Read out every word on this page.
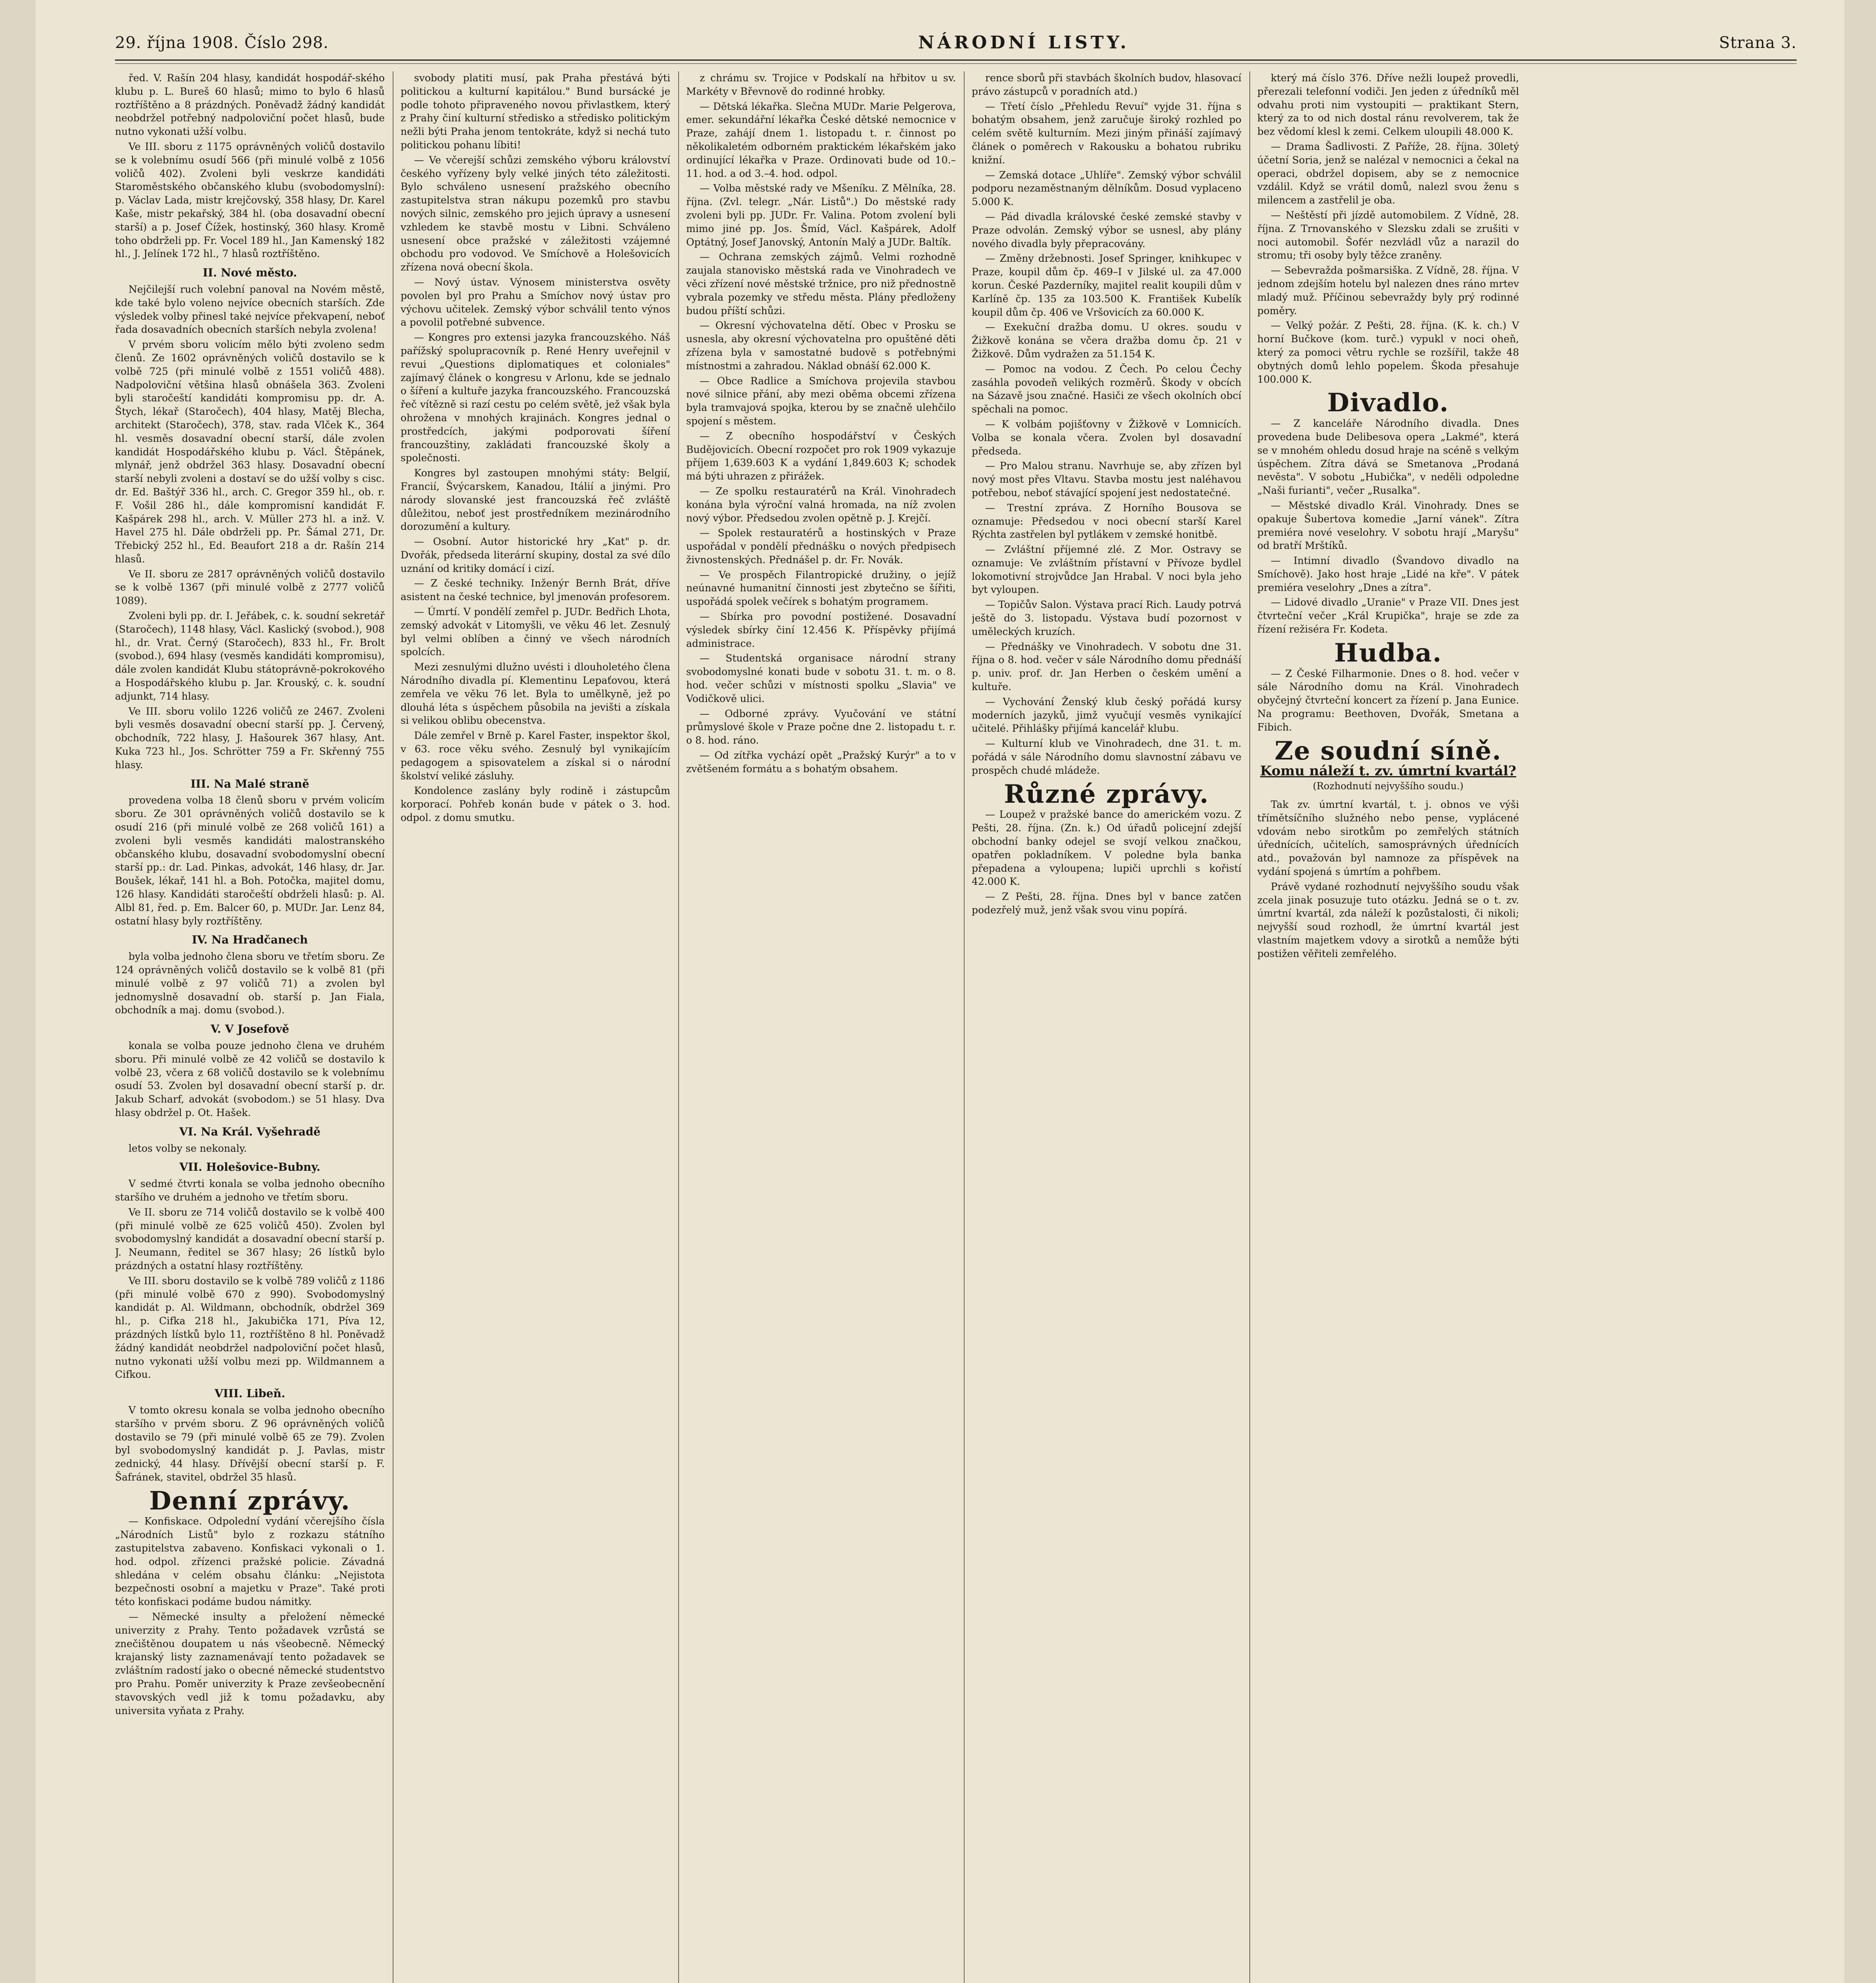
29. října 1908. Číslo 298.	NÁRODNÍ LISTY.	Strana 3.

řed. V. Rašín 204 hlasy, kandidát hospodář-ského klubu p. L. Bureš 60 hlasů; mimo to bylo 6 hlasů roztříštěno a 8 prázdných. Poněvadž žádný kandidát neobdržel potřebný nadpoloviční počet hlasů, bude nutno vykonati užší volbu.

Ve III. sboru z 1175 oprávněných voličů dostavilo se k volebnímu osudí 566 (při minulé volbě z 1056 voličů 402). Zvoleni byli veskrze kandidáti Staroměstského občanského klubu (svobodomyslní): p. Václav Lada, mistr krejčovský, 358 hlasy, Dr. Karel Kaše, mistr pekařský, 384 hl. (oba dosavadní obecní starší) a p. Josef Čížek, hostinský, 360 hlasy. Kromě toho obdrželi pp. Fr. Vocel 189 hl., Jan Kamenský 182 hl., J. Jelínek 172 hl., 7 hlasů roztříštěno.

II. Nové město.

Nejčilejší ruch volební panoval na Novém městě, kde také bylo voleno nejvíce obecních starších. Zde výsledek volby přinesl také nejvíce překvapení, neboť řada dosavadních obecních starších nebyla zvolena!

V prvém sboru volicím mělo býti zvoleno sedm členů. Ze 1602 oprávněných voličů dostavilo se k volbě 725 (při minulé volbě z 1551 voličů 488). Nadpoloviční většina hlasů obnášela 363. Zvoleni byli staročeští kandidáti kompromisu pp. dr. A. Štych, lékař (Staročech), 404 hlasy, Matěj Blecha, architekt (Staročech), 378, stav. rada Vlček K., 364 hl. vesměs dosavadní obecní starší, dále zvolen kandidát Hospodářského klubu p. Václ. Štěpánek, mlynář, jenž obdržel 363 hlasy. Dosavadní obecní starší nebyli zvoleni a dostaví se do užší volby s cisc. dr. Ed. Baštýř 336 hl., arch. C. Gregor 359 hl., ob. r. F. Vošil 286 hl., dále kompromisní kandidát F. Kašpárek 298 hl., arch. V. Müller 273 hl. a inž. V. Havel 275 hl. Dále obdrželi pp. Pr. Šámal 271, Dr. Třebický 252 hl., Ed. Beaufort 218 a dr. Rašín 214 hlasů.

Ve II. sboru ze 2817 oprávněných voličů dostavilo se k volbě 1367 (při minulé volbě z 2777 voličů 1089).

Zvoleni byli pp. dr. I. Jeřábek, c. k. soudní sekretář (Staročech), 1148 hlasy, Václ. Kaslický (svobod.), 908 hl., dr. Vrat. Černý (Staročech), 833 hl., Fr. Brolt (svobod.), 694 hlasy (vesměs kandidáti kompromisu), dále zvolen kandidát Klubu státoprávně-pokrokového a Hospodářského klubu p. Jar. Krouský, c. k. soudní adjunkt, 714 hlasy.

Ve III. sboru volilo 1226 voličů ze 2467. Zvoleni byli vesměs dosavadní obecní starší pp. J. Červený, obchodník, 722 hlasy, J. Hašourek 367 hlasy, Ant. Kuka 723 hl., Jos. Schrötter 759 a Fr. Skřenný 755 hlasy.

III. Na Malé straně

provedena volba 18 členů sboru v prvém volicím sboru. Ze 301 oprávněných voličů dostavilo se k osudí 216 (při minulé volbě ze 268 voličů 161) a zvoleni byli vesměs kandidáti malostranského občanského klubu, dosavadní svobodomyslní obecní starší pp.: dr. Lad. Pinkas, advokát, 146 hlasy, dr. Jar. Boušek, lékař, 141 hl. a Boh. Potočka, majitel domu, 126 hlasy. Kandidáti staročeští obdrželi hlasů: p. Al. Albl 81, řed. p. Em. Balcer 60, p. MUDr. Jar. Lenz 84, ostatní hlasy byly roztříštěny.

IV. Na Hradčanech

byla volba jednoho člena sboru ve třetím sboru. Ze 124 oprávněných voličů dostavilo se k volbě 81 (při minulé volbě z 97 voličů 71) a zvolen byl jednomyslně dosavadní ob. starší p. Jan Fiala, obchodník a maj. domu (svobod.).

V. V Josefově

konala se volba pouze jednoho člena ve druhém sboru. Při minulé volbě ze 42 voličů se dostavilo k volbě 23, včera z 68 voličů dostavilo se k volebnímu osudí 53. Zvolen byl dosavadní obecní starší p. dr. Jakub Scharf, advokát (svobodom.) se 51 hlasy. Dva hlasy obdržel p. Ot. Hašek.

VI. Na Král. Vyšehradě

letos volby se nekonaly.

VII. Holešovice-Bubny.

V sedmé čtvrti konala se volba jednoho obecního staršího ve druhém a jednoho ve třetím sboru.

Ve II. sboru ze 714 voličů dostavilo se k volbě 400 (při minulé volbě ze 625 voličů 450). Zvolen byl svobodomyslný kandidát a dosavadní obecní starší p. J. Neumann, ředitel se 367 hlasy; 26 lístků bylo prázdných a ostatní hlasy roztříštěny.

Ve III. sboru dostavilo se k volbě 789 voličů z 1186 (při minulé volbě 670 z 990). Svobodomyslný kandidát p. Al. Wildmann, obchodník, obdržel 369 hl., p. Cifka 218 hl., Jakubička 171, Píva 12, prázdných lístků bylo 11, roztříštěno 8 hl. Poněvadž žádný kandidát neobdržel nadpoloviční počet hlasů, nutno vykonati užší volbu mezi pp. Wildmannem a Cifkou.

VIII. Libeň.

V tomto okresu konala se volba jednoho obecního staršího v prvém sboru. Z 96 oprávněných voličů dostavilo se 79 (při minulé volbě 65 ze 79). Zvolen byl svobodomyslný kandidát p. J. Pavlas, mistr zednický, 44 hlasy. Dřívější obecní starší p. F. Šafránek, stavitel, obdržel 35 hlasů.

Denní zprávy.

— Konfiskace. Odpolední vydání včerejšího čísla „Národních Listů" bylo z rozkazu státního zastupitelstva zabaveno. Konfiskaci vykonali o 1. hod. odpol. zřízenci pražské policie. Závadná shledána v celém obsahu článku: „Nejistota bezpečnosti osobní a majetku v Praze". Také proti této konfiskaci podáme budou námitky.

— Německé insulty a přeložení německé univerzity z Prahy. Tento požadavek vzrůstá se znečištěnou doupatem u nás všeobecně. Německý krajanský listy zaznamenávají tento požadavek se zvláštním radostí jako o obecné německé studentstvo pro Prahu. Poměr univerzity k Praze zevšeobecnění stavovských vedl již k tomu požadavku, aby universita vyňata z Prahy.

svobody platiti musí, pak Praha přestává býti politickou a kulturní kapitálou." Bund bursácké je podle tohoto připraveného novou přivlastkem, který z Prahy činí kulturní středisko a středisko politickým nežli býti Praha jenom tentokráte, když si nechá tuto politickou pohanu líbiti!

— Ve včerejší schůzi zemského výboru království českého vyřízeny byly velké jiných této záležitosti. Bylo schváleno usnesení pražského obecního zastupitelstva stran nákupu pozemků pro stavbu nových silnic, zemského pro jejich úpravy a usnesení vzhledem ke stavbě mostu v Libni. Schváleno usnesení obce pražské v záležitosti vzájemné obchodu pro vodovod. Ve Smíchově a Holešovicích zřízena nová obecní škola.

— Nový ústav. Výnosem ministerstva osvěty povolen byl pro Prahu a Smíchov nový ústav pro výchovu učitelek. Zemský výbor schválil tento výnos a povolil potřebné subvence.

— Kongres pro extensi jazyka francouzského. Náš pařížský spolupracovník p. René Henry uveřejnil v revui „Questions diplomatiques et coloniales" zajímavý článek o kongresu v Arlonu, kde se jednalo o šíření a kultuře jazyka francouzského. Francouzská řeč vítězně si razí cestu po celém světě, jež však byla ohrožena v mnohých krajinách. Kongres jednal o prostředcích, jakými podporovati šíření francouzštiny, zakládati francouzské školy a společnosti.

Kongres byl zastoupen mnohými státy: Belgií, Francií, Švýcarskem, Kanadou, Itálií a jinými. Pro národy slovanské jest francouzská řeč zvláště důležitou, neboť jest prostředníkem mezinárodního dorozumění a kultury.

— Osobní. Autor historické hry „Kat" p. dr. Dvořák, předseda literární skupiny, dostal za své dílo uznání od kritiky domácí i cizí.

— Z české techniky. Inženýr Bernh Brát, dříve asistent na české technice, byl jmenován profesorem.

— Úmrtí. V pondělí zemřel p. JUDr. Bedřich Lhota, zemský advokát v Litomyšli, ve věku 46 let. Zesnulý byl velmi oblíben a činný ve všech národních spolcích.

Mezi zesnulými dlužno uvésti i dlouholetého člena Národního divadla pí. Klementinu Lepaťovou, která zemřela ve věku 76 let. Byla to umělkyně, jež po dlouhá léta s úspěchem působila na jevišti a získala si velikou oblibu obecenstva.

Dále zemřel v Brně p. Karel Faster, inspektor škol, v 63. roce věku svého. Zesnulý byl vynikajícím pedagogem a spisovatelem a získal si o národní školství veliké zásluhy.

Kondolence zaslány byly rodině i zástupcům korporací. Pohřeb konán bude v pátek o 3. hod. odpol. z domu smutku.

z chrámu sv. Trojice v Podskalí na hřbitov u sv. Markéty v Břevnově do rodinné hrobky.

— Dětská lékařka. Slečna MUDr. Marie Pelgerova, emer. sekundářní lékařka České dětské nemocnice v Praze, zahájí dnem 1. listopadu t. r. činnost po několikaletém odborném praktickém lékařském jako ordinující lékařka v Praze. Ordinovati bude od 10.–11. hod. a od 3.–4. hod. odpol.

— Volba městské rady ve Mšeníku. Z Mělníka, 28. října. (Zvl. telegr. „Nár. Listů".) Do městské rady zvoleni byli pp. JUDr. Fr. Valina. Potom zvolení byli mimo jiné pp. Jos. Šmíd, Václ. Kašpárek, Adolf Optátný, Josef Janovský, Antonín Malý a JUDr. Baltík.

— Ochrana zemských zájmů. Velmi rozhodně zaujala stanovisko městská rada ve Vinohradech ve věci zřízení nové městské tržnice, pro niž přednostně vybrala pozemky ve středu města. Plány předloženy budou příští schůzi.

— Okresní výchovatelna dětí. Obec v Prosku se usnesla, aby okresní výchovatelna pro opuštěné děti zřízena byla v samostatné budově s potřebnými místnostmi a zahradou. Náklad obnáší 62.000 K.

— Obce Radlice a Smíchova projevila stavbou nové silnice přání, aby mezi oběma obcemi zřízena byla tramvajová spojka, kterou by se značně ulehčilo spojení s městem.

— Z obecního hospodářství v Českých Budějovicích. Obecní rozpočet pro rok 1909 vykazuje příjem 1,639.603 K a vydání 1,849.603 K; schodek má býti uhrazen z přirážek.

— Ze spolku restauratérů na Král. Vinohradech konána byla výroční valná hromada, na níž zvolen nový výbor. Předsedou zvolen opětně p. J. Krejčí.

— Spolek restauratérů a hostinských v Praze uspořádal v pondělí přednášku o nových předpisech živnostenských. Přednášel p. dr. Fr. Novák.

— Ve prospěch Filantropické družiny, o jejíž neúnavné humanitní činnosti jest zbytečno se šířiti, uspořádá spolek večírek s bohatým programem.

— Sbírka pro povodní postižené. Dosavadní výsledek sbírky činí 12.456 K. Příspěvky přijímá administrace.

— Studentská organisace národní strany svobodomyslné konati bude v sobotu 31. t. m. o 8. hod. večer schůzi v místnosti spolku „Slavia" ve Vodičkově ulici.

— Odborné zprávy. Vyučování ve státní průmyslové škole v Praze počne dne 2. listopadu t. r. o 8. hod. ráno.

— Od zítřka vychází opět „Pražský Kurýr" a to v zvětšeném formátu a s bohatým obsahem.

rence sborů při stavbách školních budov, hlasovací právo zástupců v poradních atd.)

— Třetí číslo „Přehledu Revuí" vyjde 31. října s bohatým obsahem, jenž zaručuje široký rozhled po celém světě kulturním. Mezi jiným přináší zajímavý článek o poměrech v Rakousku a bohatou rubriku knižní.

— Zemská dotace „Uhlíře". Zemský výbor schválil podporu nezaměstnaným dělníkům. Dosud vyplaceno 5.000 K.

— Pád divadla královské české zemské stavby v Praze odvolán. Zemský výbor se usnesl, aby plány nového divadla byly přepracovány.

— Změny držebnosti. Josef Springer, knihkupec v Praze, koupil dům čp. 469–I v Jilské ul. za 47.000 korun. České Pazderníky, majitel realit koupili dům v Karlíně čp. 135 za 103.500 K. František Kubelík koupil dům čp. 406 ve Vršovicích za 60.000 K.

— Exekuční dražba domu. U okres. soudu v Žižkově konána se včera dražba domu čp. 21 v Žižkově. Dům vydražen za 51.154 K.

— Pomoc na vodou. Z Čech. Po celou Čechy zasáhla povodeň velikých rozměrů. Škody v obcích na Sázavě jsou značné. Hasiči ze všech okolních obcí spěchali na pomoc.

— K volbám pojišťovny v Žižkově v Lomnicích. Volba se konala včera. Zvolen byl dosavadní předseda.

— Pro Malou stranu. Navrhuje se, aby zřízen byl nový most přes Vltavu. Stavba mostu jest naléhavou potřebou, neboť stávající spojení jest nedostatečné.

— Trestní zpráva. Z Horního Bousova se oznamuje: Předsedou v noci obecní starší Karel Rýchta zastřelen byl pytlákem v zemské honitbě.

— Zvláštní příjemné zlé. Z Mor. Ostravy se oznamuje: Ve zvláštním přístavní v Přívoze bydlel lokomotivní strojvůdce Jan Hrabal. V noci byla jeho byt vyloupen.

— Topičův Salon. Výstava prací Rich. Laudy potrvá ještě do 3. listopadu. Výstava budí pozornost v uměleckých kruzích.

— Přednášky ve Vinohradech. V sobotu dne 31. října o 8. hod. večer v sále Národního domu přednáší p. univ. prof. dr. Jan Herben o českém umění a kultuře.

— Vychování Ženský klub český pořádá kursy moderních jazyků, jimž vyučují vesměs vynikající učitelé. Přihlášky přijímá kancelář klubu.

— Kulturní klub ve Vinohradech, dne 31. t. m. pořádá v sále Národního domu slavnostní zábavu ve prospěch chudé mládeže.

Různé zprávy.

— Loupež v pražské bance do americkém vozu. Z Pešti, 28. října. (Zn. k.) Od úřadů policejní zdejší obchodní banky odejel se svojí velkou značkou, opatřen pokladníkem. V poledne byla banka přepadena a vyloupena; lupiči uprchli s kořistí 42.000 K.

— Z Pešti, 28. října. Dnes byl v bance zatčen podezřelý muž, jenž však svou vinu popírá.

který má číslo 376. Dříve nežli loupež provedli, přerezali telefonní vodiči. Jen jeden z úředníků měl odvahu proti nim vystoupiti — praktikant Stern, který za to od nich dostal ránu revolverem, tak že bez vědomí klesl k zemi. Celkem uloupili 48.000 K.

— Drama Šadlivosti. Z Paříže, 28. října. 30letý účetní Soria, jenž se nalézal v nemocnici a čekal na operaci, obdržel dopisem, aby se z nemocnice vzdálil. Když se vrátil domů, nalezl svou ženu s milencem a zastřelil je oba.

— Neštěstí při jízdě automobilem. Z Vídně, 28. října. Z Trnovanského v Slezsku zdali se zrušiti v noci automobil. Šofér nezvládl vůz a narazil do stromu; tři osoby byly těžce zraněny.

— Sebevražda pošmarsiška. Z Vídně, 28. října. V jednom zdejším hotelu byl nalezen dnes ráno mrtev mladý muž. Příčinou sebevraždy byly prý rodinné poměry.

— Velký požár. Z Pešti, 28. října. (K. k. ch.) V horní Bučkove (kom. turč.) vypukl v noci oheň, který za pomoci větru rychle se rozšířil, takže 48 obytných domů lehlo popelem. Škoda přesahuje 100.000 K.

Divadlo.

— Z kanceláře Národního divadla. Dnes provedena bude Delibesova opera „Lakmé", která se v mnohém ohledu dosud hraje na scéně s velkým úspěchem. Zítra dává se Smetanova „Prodaná nevěsta". V sobotu „Hubička", v neděli odpoledne „Naši furianti", večer „Rusalka".

— Městské divadlo Král. Vinohrady. Dnes se opakuje Šubertova komedie „Jarní vánek". Zítra premiéra nové veselohry. V sobotu hrají „Maryšu" od bratří Mrštíků.

— Intimní divadlo (Švandovo divadlo na Smíchově). Jako host hraje „Lidé na kře". V pátek premiéra veselohry „Dnes a zítra".

— Lidové divadlo „Uranie" v Praze VII. Dnes jest čtvrteční večer „Král Krupička", hraje se zde za řízení režiséra Fr. Kodeta.

Hudba.

— Z České Filharmonie. Dnes o 8. hod. večer v sále Národního domu na Král. Vinohradech obyčejný čtvrteční koncert za řízení p. Jana Eunice. Na programu: Beethoven, Dvořák, Smetana a Fibich.

Ze soudní síně.
Komu náleží t. zv. úmrtní kvartál?
(Rozhodnutí nejvyššího soudu.)

Tak zv. úmrtní kvartál, t. j. obnos ve výši třímětsíčního služného nebo pense, vyplácené vdovám nebo sirotkům po zemřelých státních úřednících, učitelích, samosprávných úřednících atd., považován byl namnoze za příspěvek na vydání spojená s úmrtím a pohřbem.

Právě vydané rozhodnutí nejvyššího soudu však zcela jinak posuzuje tuto otázku. Jedná se o t. zv. úmrtní kvartál, zda náleží k pozůstalosti, či nikoli; nejvyšší soud rozhodl, že úmrtní kvartál jest vlastním majetkem vdovy a sirotků a nemůže býti postižen věřiteli zemřelého.
